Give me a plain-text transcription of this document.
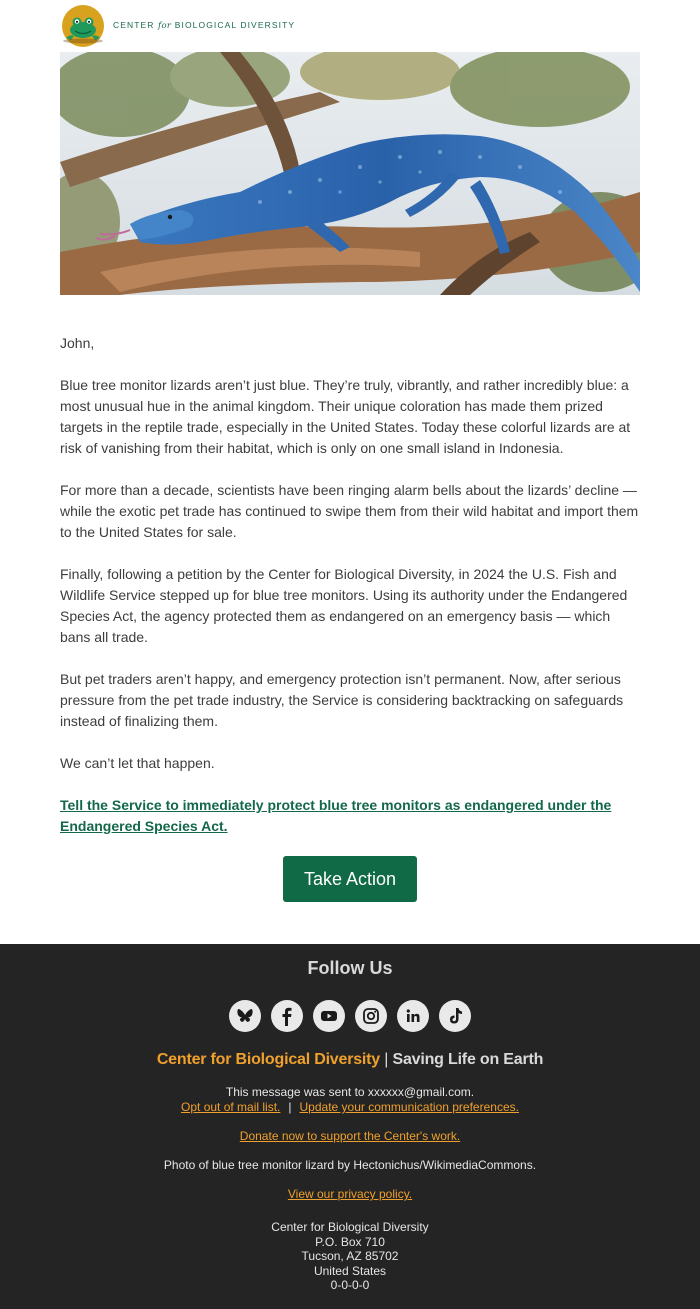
CENTER for BIOLOGICAL DIVERSITY

John,

Blue tree monitor lizards aren’t just blue. They’re truly, vibrantly, and rather incredibly blue: a most unusual hue in the animal kingdom. Their unique coloration has made them prized targets in the reptile trade, especially in the United States. Today these colorful lizards are at risk of vanishing from their habitat, which is only on one small island in Indonesia.

For more than a decade, scientists have been ringing alarm bells about the lizards’ decline — while the exotic pet trade has continued to swipe them from their wild habitat and import them to the United States for sale.

Finally, following a petition by the Center for Biological Diversity, in 2024 the U.S. Fish and Wildlife Service stepped up for blue tree monitors. Using its authority under the Endangered Species Act, the agency protected them as endangered on an emergency basis — which bans all trade.

But pet traders aren’t happy, and emergency protection isn’t permanent. Now, after serious pressure from the pet trade industry, the Service is considering backtracking on safeguards instead of finalizing them.

We can’t let that happen.

Tell the Service to immediately protect blue tree monitors as endangered under the Endangered Species Act.

Take Action
Follow Us
Center for Biological Diversity | Saving Life on Earth
This message was sent to xxxxxx@gmail.com.
Opt out of mail list. | Update your communication preferences.
Donate now to support the Center's work.
Photo of blue tree monitor lizard by Hectonichus/WikimediaCommons.
View our privacy policy.
Center for Biological Diversity
P.O. Box 710
Tucson, AZ 85702
United States
0-0-0-0
